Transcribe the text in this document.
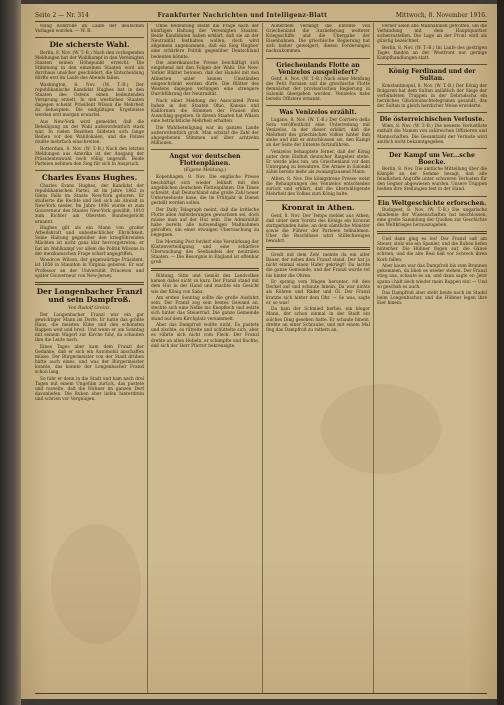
Seite 2 — Nr. 314	Frankfurter Nachrichten und Intelligenz-Blatt	Mittwoch, 8. November 1916.

völlig Kontrolle im Laufe der deutschen Vorlagen wurden. — W. B.

Die sicherste Wahl.

Berlin, 8. Nov. (W. T.-B.) Nach den vorliegenden Meldungen hat der Wahlkampf in den Vereinigten Staaten seinen Höhepunkt erreicht. Die Stimmung in den einzelnen Staaten wird als durchaus unsicher geschildert, die Entscheidung dürfte erst im Laufe des Abends fallen.

Washington, 8. Nov. (W. T.-B.) Der republikanische Kandidat Hughes hat in den Staaten des Ostens einen bedeutenden Vorsprung erzielt. In den westlichen Staaten dagegen scheint Präsident Wilson die Mehrheit zu behaupten. Die endgültigen Ergebnisse werden erst morgen erwartet.

Aus New-York wird gemeldet, daß die Beteiligung an der Wahl außerordentlich stark war. In vielen Bezirken bildeten sich lange Reihen vor den Wahllokalen, und die Polizei mußte mehrfach einschreiten.

Rotterdam, 8. Nov. (W. T.-B.) Nach den letzten Meldungen aus Amerika ist der Ausgang der Präsidentenwahl noch völlig ungewiß. Beide Parteien nehmen den Sieg für sich in Anspruch.

Charles Evans Hughes.

Charles Evans Hughes, der Kandidat der republikanischen Partei, ist im Jahre 1862 in Glens Falls im Staate New-York geboren. Er studierte die Rechte und ließ sich als Anwalt in New-York nieder. Im Jahre 1906 wurde er zum Gouverneur des Staates New-York gewählt, 1910 zum Richter am Obersten Bundesgericht ernannt.

Hughes gilt als ein Mann von großer Arbeitskraft und unbestechlicher Ehrlichkeit. Seine Haltung gegenüber den kriegführenden Mächten ist nicht ganz klar hervorgetreten; er hat im Wahlkampf vor allem die Politik Wilsons in der mexikanischen Frage scharf angegriffen.

Woodrow Wilson, der gegenwärtige Präsident, ist 1856 in Staunton in Virginia geboren. Er war Professor an der Universität Princeton und später Gouverneur von New-Jersey.

Der Longenbacher Franzl und sein Dampfroß.
Von Rudolf Greinz.

Der Longenbacher Franzl war ein gar gewichtiger Mann im Dorfe. Er hatte das größte Haus, die meisten Kühe und den schönsten Rappen weit und breit. Und wenn er am Sonntag mit seinem Wagerl zur Kirche fuhr, da schauten ihm die Leute nach.

Eines Tages aber kam dem Franzl der Gedanke, daß er sich ein Automobil anschaffen müsse. Der Bürgermeister von der Stadt drüben hatte auch eines, und was der Bürgermeister konnte, das konnte der Longenbacher Franzl schon lang.

So fuhr er denn in die Stadt und kam nach drei Tagen mit einem Ungetüm zurück, das pustete und rasselte, daß die Hühner im ganzen Dorf davonliefen. Die Buben aber liefen hinterdrein und schrien vor Vergnügen.

Ohne Bedeutung bleibt die Frage nach der künftigen Haltung der Vereinigten Staaten. Beide Kandidaten haben erklärt, daß sie an der Neutralität festhalten wollen; doch wird allgemein angenommen, daß ein Sieg Hughes' eine schärfere Politik gegenüber Deutschland bedeuten könnte.

Die amerikanische Presse beschäftigt sich eingehend mit den Folgen der Wahl. Die New-Yorker Blätter betonen, daß der Handel mit den Alliierten unter keinen Umständen eingeschränkt werden dürfe. Die Blätter des Westens dagegen verlangen eine strengere Durchführung der Neutralität.

Nach einer Meldung der Associated Press haben in den Staaten Ohio, Kansas und Kalifornien die Stimmen der Frauen den Ausschlag gegeben. In diesen Staaten hat Wilson eine beträchtliche Mehrheit erhalten.

Die Wahlbeteiligung war im ganzen Lande außerordentlich groß. Man schätzt die Zahl der abgegebenen Stimmen auf über achtzehn Millionen.

Angst vor deutschen Flottenplänen.
(Eigene Meldung.)

Kopenhagen, 8. Nov. Die englische Presse beschäftigt sich wieder lebhaft mit den angeblichen deutschen Flottenplänen. Die Times schreibt, daß Deutschland eine große Zahl neuer Unterseeboote baue, die im Frühjahr in Dienst gestellt werden sollen.

Der Daily Telegraph meint, daß die britische Flotte allen Anforderungen gewachsen sei, doch müsse man auf der Hut sein. Die Admiralität habe bereits alle notwendigen Maßnahmen getroffen, um einer etwaigen Überraschung zu begegnen.

Die Morning Post fordert eine Verstärkung der Küstenverteidigung und eine schärfere Überwachung des Seehandels der neutralen Staaten. — Die Besorgnis in England ist offenbar groß.

Bildung, Sitte und Gemüt des Landvolkes kamen dabei nicht zu kurz. Der Franzl stand mit dem Hut in der Hand und machte ein Gesicht wie der König von Saba.

Am ersten Sonntag sollte die große Ausfahrt sein. Der Franzl zog sein bestes Gewand an, steckte sich eine Nelke ins Knopfloch und setzte sich hinter das Steuerrad. Die ganze Gemeinde stand auf dem Kirchplatz versammelt.

Aber das Dampfroß wollte nicht. Es pustete und zischte, es rüttelte und schüttelte sich, aber es rührte sich nicht vom Fleck. Der Franzl drehte an allen Hebeln, er schimpfte und fluchte, daß sich der Herr Pfarrer bekreuzigte.

Außerdem verlangt die Entente von Griechenland die Auslieferung weiterer Kriegsschiffe und die Übergabe der Eisenbahnen. Die griechische Regierung hat sich bisher geweigert, diesen Forderungen nachzukommen.

Griechenlands Flotte an Venizelos ausgeliefert?

Genf, 8. Nov. (W. T.-B.) Nach einer Meldung des Petit Parisien soll die griechische Flotte demnächst der provisorischen Regierung in Saloniki übergeben werden. Venizelos habe bereits Offiziere ernannt.

Was Venizelos erzählt.

Lugano, 8. Nov. (W. T.-B.) Der Corriere della Sera veröffentlicht eine Unterredung mit Venizelos, in der dieser erklärt, daß die Mehrheit des griechischen Volkes hinter ihm stehe und daß er entschlossen sei, den Kampf an der Seite der Entente fortzuführen.

Venizelos behauptete ferner, daß der König unter dem Einfluß deutscher Ratgeber stehe. Er werde alles tun, um Griechenland vor dem Untergang zu bewahren. Die Armee in Saloniki zähle bereits mehr als zwanzigtausend Mann.

Athen, 8. Nov. Die königstreue Presse weist die Behauptungen des Venizelos entschieden zurück und erklärt, daß die überwältigende Mehrheit des Volkes zum König halte.

Kronrat in Athen.

Genf, 8. Nov. Der Temps meldet aus Athen, daß unter dem Vorsitz des Königs ein Kronrat stattgefunden habe, an dem sämtliche Minister sowie die Führer der Parteien teilnahmen. Über die Beschlüsse wird Stillschweigen bewahrt.

Gredt mit dem Zeh! meinte da ein alter Bauer, der neben dem Franzl stand. Der hat ja nicht einmal einen Hafer gekriegt! Da lachte die ganze Gemeinde, und der Franzl wurde rot bis hinter die Ohren.

Er sprang vom Wagen herunter, riß den Deckel auf und schaute hinein. Da war nichts als Röhren und Räder und Öl. Der Franzl kratzte sich hinter dem Ohr. — So was, sagte er, so was!

Da kam der Schmied herbei, ein kluger Mann, der schon einmal in der Stadt ein solches Ding gesehen hatte. Er schaute hinein, drehte an einer Schraube, und mit einem Mal fing das Dampfroß zu rattern an.

Ferner seien alle Maßnahmen getroffen, um die Verbindung mit dem Hauptquartier sicherzustellen. Die Lage an der Front wird als günstig bezeichnet.

Berlin, 8. Nov. (W. T.-B.) Im Laufe des gestrigen Tages fanden an der Westfront nur geringe Kampfhandlungen statt.

König Ferdinand und der Sultan.

Konstantinopel, 8. Nov. (W. T.-B.) Der König der Bulgaren hat dem Sultan anläßlich der Siege der verbündeten Truppen in der Dobrudscha ein herzliches Glückwunschtelegramm gesandt, das der Sultan in gleich herzlicher Weise erwiderte.

Die österreichischen Verluste.

Wien, 8. Nov. (W. T.-B.) Die neueste Verlustliste enthält die Namen von zahlreichen Offizieren und Mannschaften. Die Gesamtzahl der Verluste wird amtlich nicht bekanntgegeben.

Der Kampf um Ver...sche Boecke.

Berlin, 8. Nov. Die amtliche Mitteilung über die Kämpfe an der Somme besagt, daß alle feindlichen Angriffe unter schweren Verlusten für den Gegner abgewiesen wurden. Unsere Truppen hielten ihre Stellungen fest in der Hand.

Ein Weltgeschichte erforschen.

Budapest, 8. Nov. (W. T.-B.) Die ungarische Akademie der Wissenschaften hat beschlossen, eine große Sammlung der Quellen zur Geschichte des Weltkrieges herauszugeben.

Und dann ging es los! Der Franzl saß am Steuer, stolz wie ein Spanier, und die Buben liefen hinterher. Die Hühner flogen auf, die Gänse schrien, und die alte Resi ließ vor Schreck ihren Korb fallen.

Aber kaum war das Dampfroß bis zum Brunnen gekommen, da blieb es wieder stehen. Der Franzl stieg aus, schaute es an, und dann sagte er: Jetzt spann i halt doch wieder mein Rappen ein! — Und so geschah es auch.

Das Dampfroß aber steht heute noch im Stadel beim Longenbacher, und die Hühner legen ihre Eier hinein.
